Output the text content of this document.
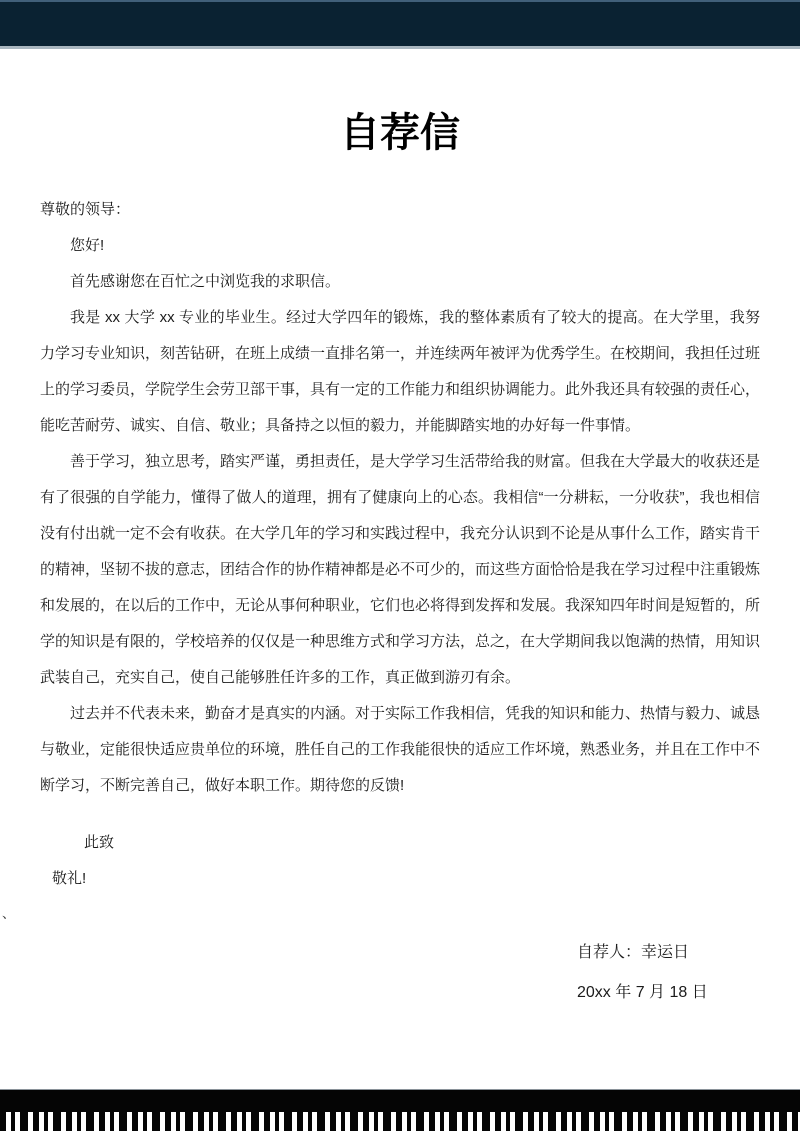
自荐信

尊敬的领导：

您好!

首先感谢您在百忙之中浏览我的求职信。

我是 xx 大学 xx 专业的毕业生。经过大学四年的锻炼，我的整体素质有了较大的提高。在大学里，我努力学习专业知识，刻苦钻研，在班上成绩一直排名第一，并连续两年被评为优秀学生。在校期间，我担任过班上的学习委员，学院学生会劳卫部干事，具有一定的工作能力和组织协调能力。此外我还具有较强的责任心，能吃苦耐劳、诚实、自信、敬业；具备持之以恒的毅力，并能脚踏实地的办好每一件事情。

善于学习，独立思考，踏实严谨，勇担责任，是大学学习生活带给我的财富。但我在大学最大的收获还是有了很强的自学能力，懂得了做人的道理，拥有了健康向上的心态。我相信“一分耕耘，一分收获”，我也相信没有付出就一定不会有收获。在大学几年的学习和实践过程中，我充分认识到不论是从事什么工作，踏实肯干的精神，坚韧不拔的意志，团结合作的协作精神都是必不可少的，而这些方面恰恰是我在学习过程中注重锻炼和发展的，在以后的工作中，无论从事何种职业，它们也必将得到发挥和发展。我深知四年时间是短暂的，所学的知识是有限的，学校培养的仅仅是一种思维方式和学习方法，总之，在大学期间我以饱满的热情，用知识武装自己，充实自己，使自己能够胜任许多的工作，真正做到游刃有余。

过去并不代表未来，勤奋才是真实的内涵。对于实际工作我相信，凭我的知识和能力、热情与毅力、诚恳与敬业，定能很快适应贵单位的环境，胜任自己的工作我能很快的适应工作坏境，熟悉业务，并且在工作中不断学习，不断完善自己，做好本职工作。期待您的反馈!

此致

敬礼!

自荐人：幸运日

20xx 年 7 月 18 日

、
